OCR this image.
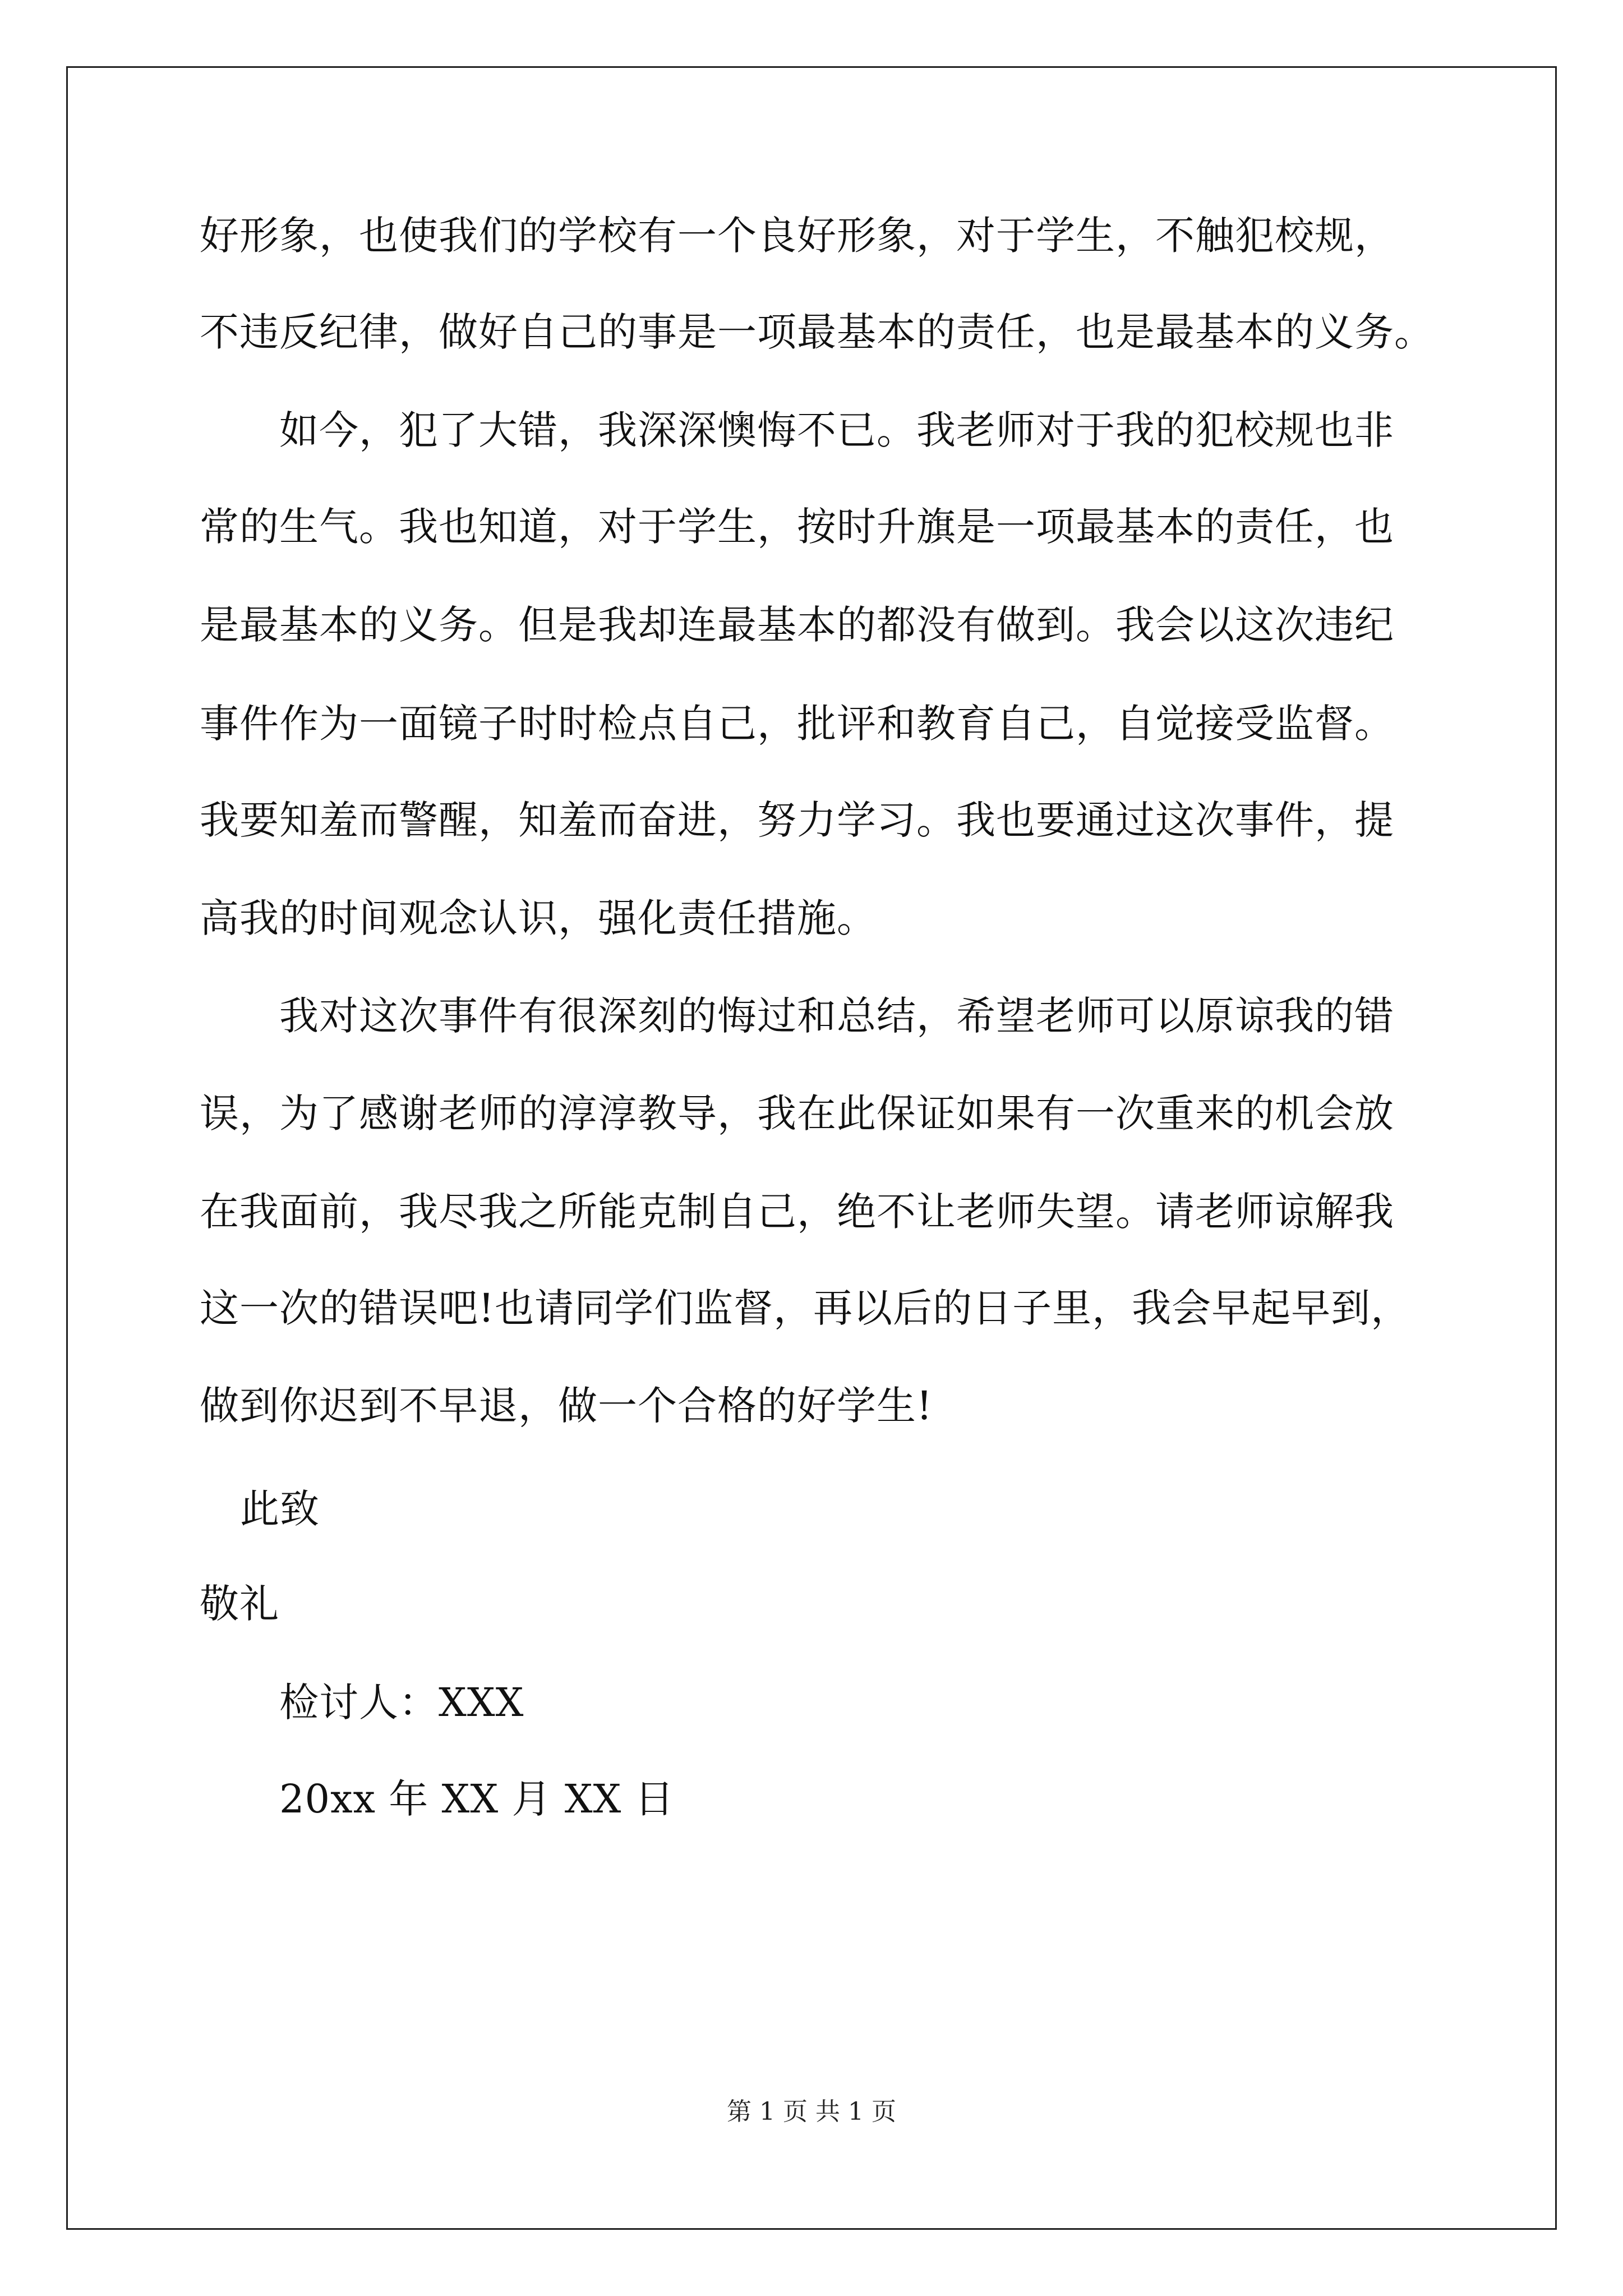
好形象，也使我们的学校有一个良好形象，对于学生，不触犯校规，
不违反纪律，做好自己的事是一项最基本的责任，也是最基本的义务。
如今，犯了大错，我深深懊悔不已。我老师对于我的犯校规也非
常的生气。我也知道，对于学生，按时升旗是一项最基本的责任，也
是最基本的义务。但是我却连最基本的都没有做到。我会以这次违纪
事件作为一面镜子时时检点自己，批评和教育自己，自觉接受监督。
我要知羞而警醒，知羞而奋进，努力学习。我也要通过这次事件，提
高我的时间观念认识，强化责任措施。
我对这次事件有很深刻的悔过和总结，希望老师可以原谅我的错
误，为了感谢老师的淳淳教导，我在此保证如果有一次重来的机会放
在我面前，我尽我之所能克制自己，绝不让老师失望。请老师谅解我
这一次的错误吧!也请同学们监督，再以后的日子里，我会早起早到，
做到你迟到不早退，做一个合格的好学生!
此致
敬礼
检讨人：XXX
20xx 年 XX 月 XX 日
第 1 页 共 1 页
